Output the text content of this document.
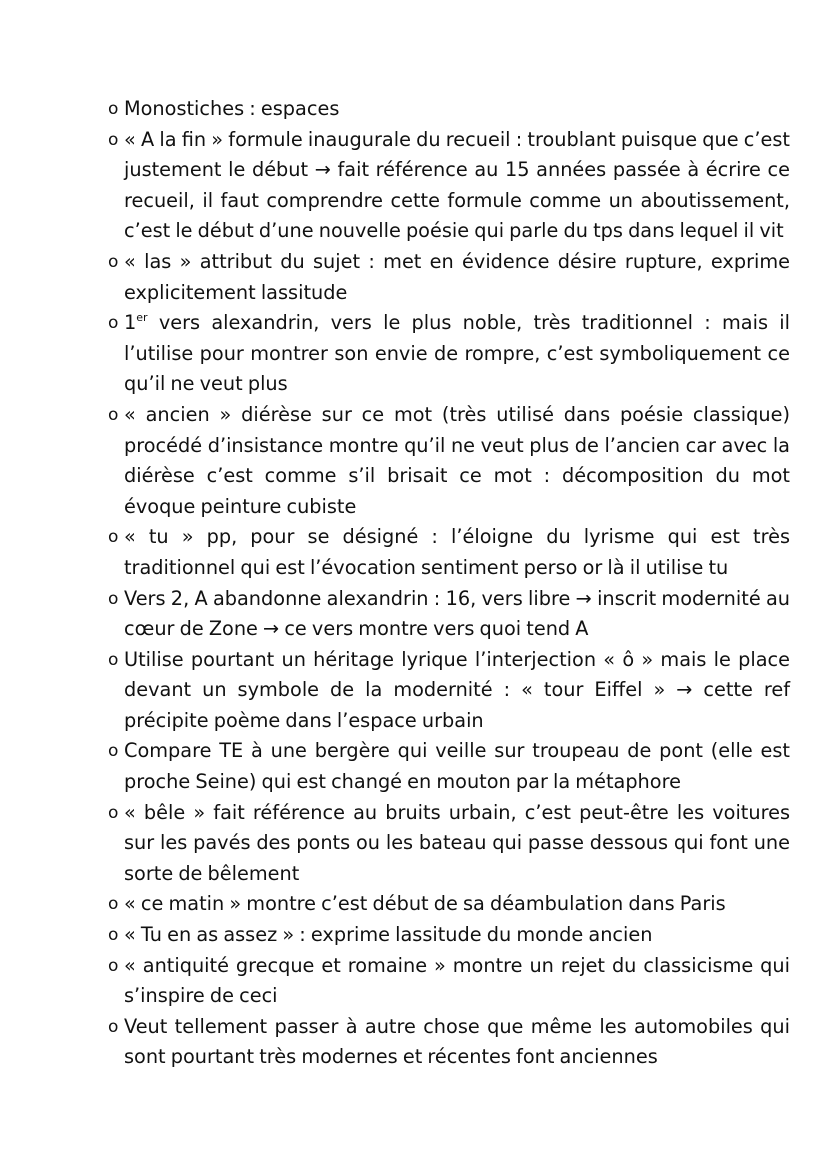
o Monostiches : espaces
o « A la fin » formule inaugurale du recueil : troublant puisque que c’est justement le début → fait référence au 15 années passée à écrire ce recueil, il faut comprendre cette formule comme un aboutissement, c’est le début d’une nouvelle poésie qui parle du tps dans lequel il vit
o « las » attribut du sujet : met en évidence désire rupture, exprime explicitement lassitude
o 1er vers alexandrin, vers le plus noble, très traditionnel : mais il l’utilise pour montrer son envie de rompre, c’est symboliquement ce qu’il ne veut plus
o « ancien » diérèse sur ce mot (très utilisé dans poésie classique) procédé d’insistance montre qu’il ne veut plus de l’ancien car avec la diérèse c’est comme s’il brisait ce mot : décomposition du mot évoque peinture cubiste
o « tu » pp, pour se désigné : l’éloigne du lyrisme qui est très traditionnel qui est l’évocation sentiment perso or là il utilise tu
o Vers 2, A abandonne alexandrin : 16, vers libre → inscrit modernité au cœur de Zone → ce vers montre vers quoi tend A
o Utilise pourtant un héritage lyrique l’interjection « ô » mais le place devant un symbole de la modernité : « tour Eiffel » → cette ref précipite poème dans l’espace urbain
o Compare TE à une bergère qui veille sur troupeau de pont (elle est proche Seine) qui est changé en mouton par la métaphore
o « bêle » fait référence au bruits urbain, c’est peut-être les voitures sur les pavés des ponts ou les bateau qui passe dessous qui font une sorte de bêlement
o « ce matin » montre c’est début de sa déambulation dans Paris
o « Tu en as assez » : exprime lassitude du monde ancien
o « antiquité grecque et romaine » montre un rejet du classicisme qui s’inspire de ceci
o Veut tellement passer à autre chose que même les automobiles qui sont pourtant très modernes et récentes font anciennes
